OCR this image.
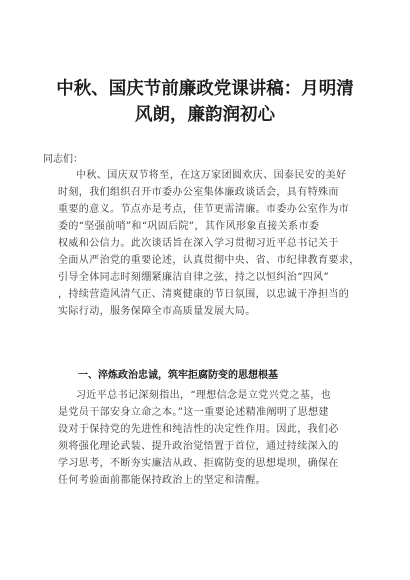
中秋、国庆节前廉政党课讲稿：月明清
风朗，廉韵润初心
同志们：
中秋、国庆双节将至，在这万家团圆欢庆、国泰民安的美好
时刻，我们组织召开市委办公室集体廉政谈话会，具有特殊而
重要的意义。节点亦是考点，佳节更需清廉。市委办公室作为市
委的“坚强前哨”和“巩固后院”，其作风形象直接关系市委
权威和公信力。此次谈话旨在深入学习贯彻习近平总书记关于
全面从严治党的重要论述，认真贯彻中央、省、市纪律教育要求，
引导全体同志时刻绷紧廉洁自律之弦，持之以恒纠治“四风”
，持续营造风清气正、清爽健康的节日氛围，以忠诚干净担当的
实际行动，服务保障全市高质量发展大局。
一、淬炼政治忠诚，筑牢拒腐防变的思想根基
习近平总书记深刻指出，“理想信念是立党兴党之基，也
是党员干部安身立命之本。”这一重要论述精准阐明了思想建
设对于保持党的先进性和纯洁性的决定性作用。因此，我们必
须将强化理论武装、提升政治觉悟置于首位，通过持续深入的
学习思考，不断夯实廉洁从政、拒腐防变的思想堤坝，确保在
任何考验面前都能保持政治上的坚定和清醒。
